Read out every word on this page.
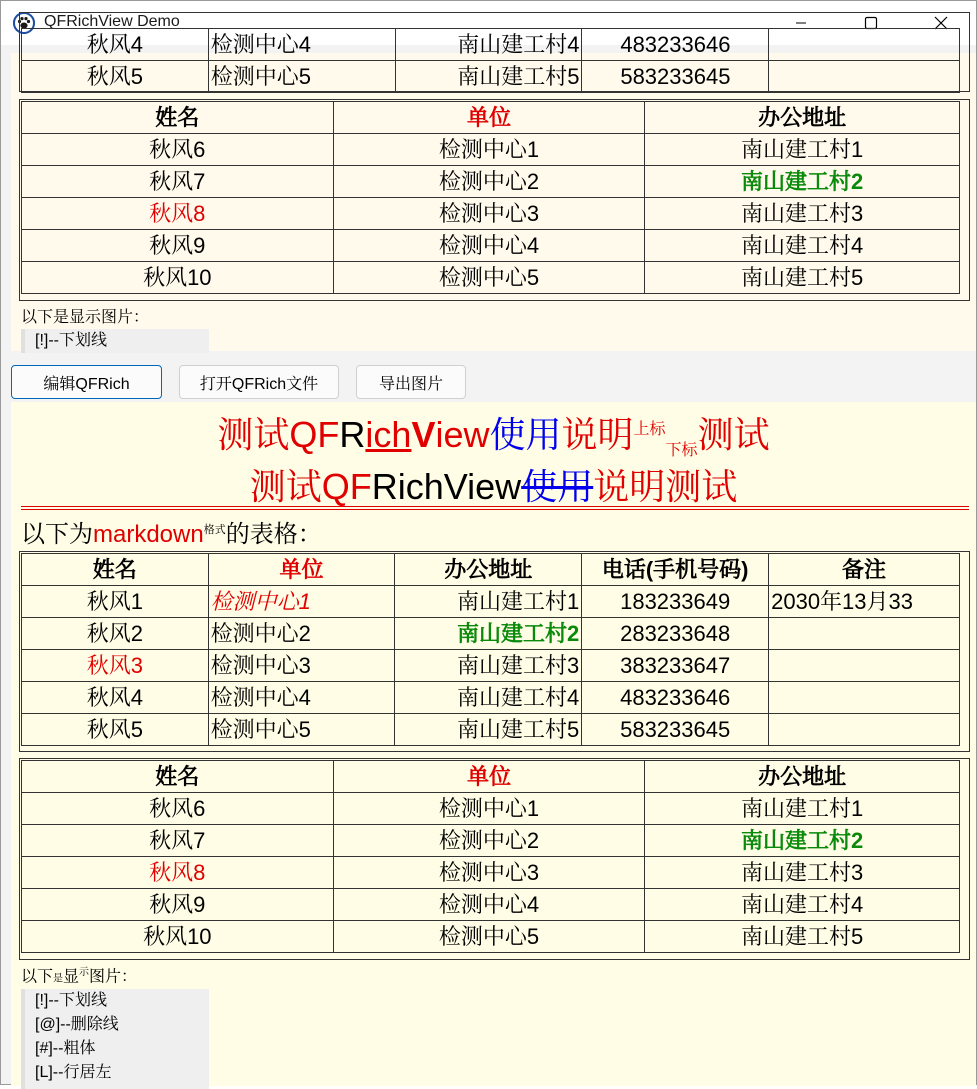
QFRichView Demo
秋风4	检测中心4	南山建工村4	483233646	
秋风5	检测中心5	南山建工村5	583233645	
姓名	单位	办公地址
秋风6	检测中心1	南山建工村1
秋风7	检测中心2	南山建工村2
秋风8	检测中心3	南山建工村3
秋风9	检测中心4	南山建工村4
秋风10	检测中心5	南山建工村5
以下是显示图片：
[!]--下划线
编辑QFRich	打开QFRich文件	导出图片
测试QFRichView使用说明$^{上标}_{下标}$测试
测试QFRichView使用说明测试
以下为markdown$^{格式}$的表格：
姓名	单位	办公地址	电话(手机号码)	备注
秋风1	检测中心1	南山建工村1	183233649	2030年13月33
秋风2	检测中心2	南山建工村2	283233648	
秋风3	检测中心3	南山建工村3	383233647	
秋风4	检测中心4	南山建工村4	483233646	
秋风5	检测中心5	南山建工村5	583233645	
姓名	单位	办公地址
秋风6	检测中心1	南山建工村1
秋风7	检测中心2	南山建工村2
秋风8	检测中心3	南山建工村3
秋风9	检测中心4	南山建工村4
秋风10	检测中心5	南山建工村5
以下是显$^示$图片：
[!]--下划线
[@]--删除线
[#]--粗体
[L]--行居左
